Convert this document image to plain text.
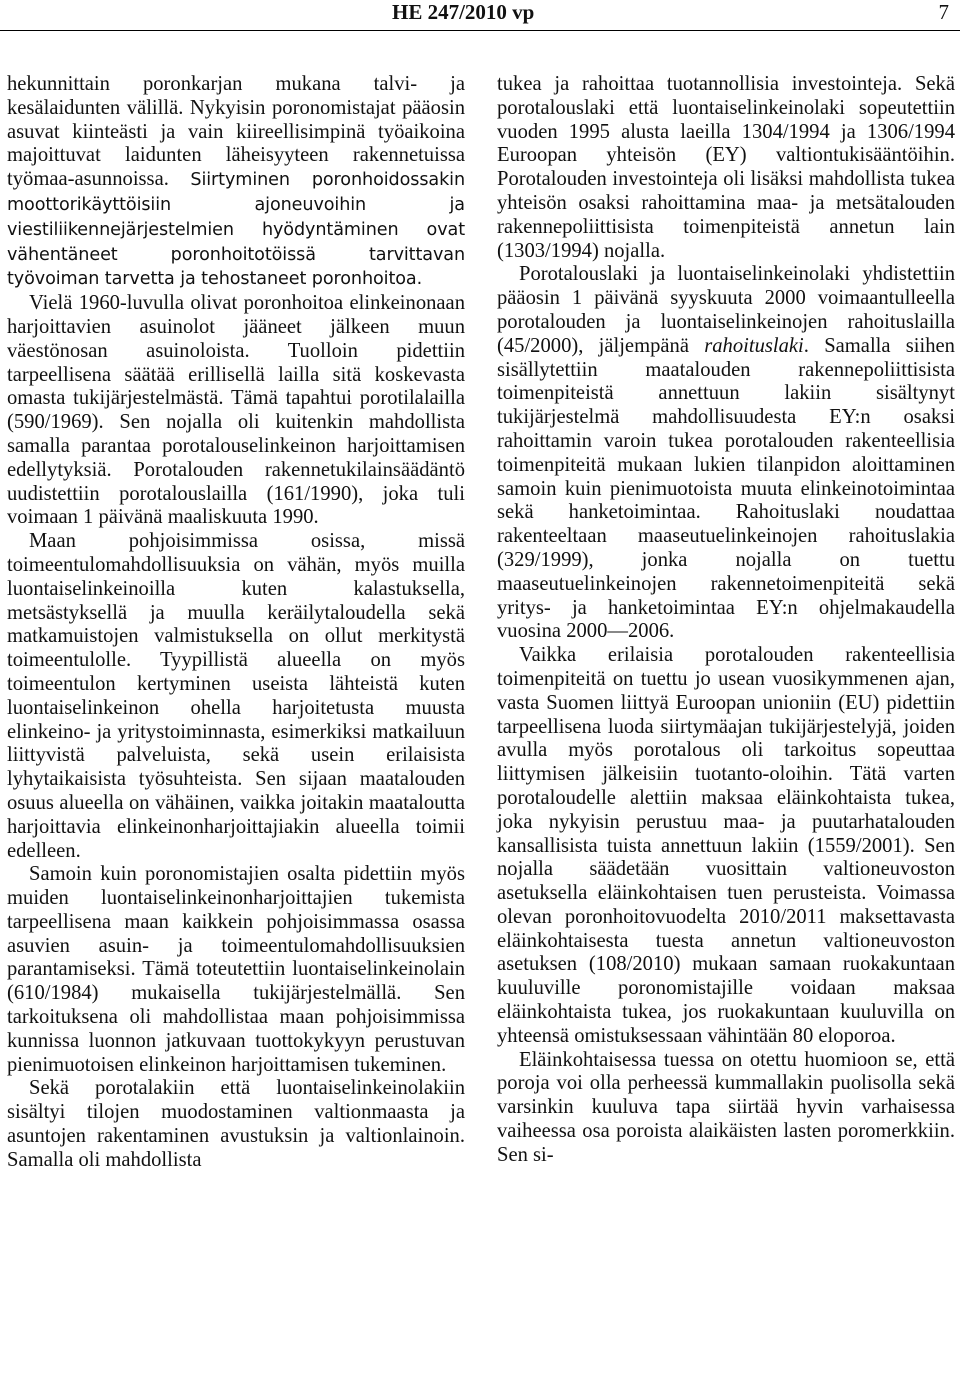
HE 247/2010 vp	7

hekunnittain poronkarjan mukana talvi- ja kesälaidunten välillä. Nykyisin poronomistajat pääosin asuvat kiinteästi ja vain kiireellisimpinä työaikoina majoittuvat laidunten läheisyyteen rakennetuissa työmaa-asunnoissa. Siirtyminen poronhoidossakin moottorikäyttöisiin ajoneuvoihin ja viestiliikennejärjestelmien hyödyntäminen ovat vähentäneet poronhoitotöissä tarvittavan työvoiman tarvetta ja tehostaneet poronhoitoa.

Vielä 1960-luvulla olivat poronhoitoa elinkeinonaan harjoittavien asuinolot jääneet jälkeen muun väestönosan asuinoloista. Tuolloin pidettiin tarpeellisena säätää erillisellä lailla sitä koskevasta omasta tukijärjestelmästä. Tämä tapahtui porotilalailla (590/1969). Sen nojalla oli kuitenkin mahdollista samalla parantaa porotalouselinkeinon harjoittamisen edellytyksiä. Porotalouden rakennetukilainsäädäntö uudistettiin porotalouslailla (161/1990), joka tuli voimaan 1 päivänä maaliskuuta 1990.

Maan pohjoisimmissa osissa, missä toimeentulomahdollisuuksia on vähän, myös muilla luontaiselinkeinoilla kuten kalastuksella, metsästyksellä ja muulla keräilytaloudella sekä matkamuistojen valmistuksella on ollut merkitystä toimeentulolle. Tyypillistä alueella on myös toimeentulon kertyminen useista lähteistä kuten luontaiselinkeinon ohella harjoitetusta muusta elinkeino- ja yritystoiminnasta, esimerkiksi matkailuun liittyvistä palveluista, sekä usein erilaisista lyhytaikaisista työsuhteista. Sen sijaan maatalouden osuus alueella on vähäinen, vaikka joitakin maataloutta harjoittavia elinkeinonharjoittajiakin alueella toimii edelleen.

Samoin kuin poronomistajien osalta pidettiin myös muiden luontaiselinkeinonharjoittajien tukemista tarpeellisena maan kaikkein pohjoisimmassa osassa asuvien asuin- ja toimeentulomahdollisuuksien parantamiseksi. Tämä toteutettiin luontaiselinkeinolain (610/1984) mukaisella tukijärjestelmällä. Sen tarkoituksena oli mahdollistaa maan pohjoisimmissa kunnissa luonnon jatkuvaan tuottokykyyn perustuvan pienimuotoisen elinkeinon harjoittamisen tukeminen.

Sekä porotalakiin että luontaiselinkeinolakiin sisältyi tilojen muodostaminen valtionmaasta ja asuntojen rakentaminen avustuksin ja valtionlainoin. Samalla oli mahdollista

tukea ja rahoittaa tuotannollisia investointeja. Sekä porotalouslaki että luontaiselinkeinolaki sopeutettiin vuoden 1995 alusta laeilla 1304/1994 ja 1306/1994 Euroopan yhteisön (EY) valtiontukisääntöihin. Porotalouden investointeja oli lisäksi mahdollista tukea yhteisön osaksi rahoittamina maa- ja metsätalouden rakennepoliittisista toimenpiteistä annetun lain (1303/1994) nojalla.

Porotalouslaki ja luontaiselinkeinolaki yhdistettiin pääosin 1 päivänä syyskuuta 2000 voimaantulleella porotalouden ja luontaiselinkeinojen rahoituslailla (45/2000), jäljempänä rahoituslaki. Samalla siihen sisällytettiin maatalouden rakennepoliittisista toimenpiteistä annettuun lakiin sisältynyt tukijärjestelmä mahdollisuudesta EY:n osaksi rahoittamin varoin tukea porotalouden rakenteellisia toimenpiteitä mukaan lukien tilanpidon aloittaminen samoin kuin pienimuotoista muuta elinkeinotoimintaa sekä hanketoimintaa. Rahoituslaki noudattaa rakenteeltaan maaseutuelinkeinojen rahoituslakia (329/1999), jonka nojalla on tuettu maaseutuelinkeinojen rakennetoimenpiteitä sekä yritys- ja hanketoimintaa EY:n ohjelmakaudella vuosina 2000—2006.

Vaikka erilaisia porotalouden rakenteellisia toimenpiteitä on tuettu jo usean vuosikymmenen ajan, vasta Suomen liittyä Euroopan unioniin (EU) pidettiin tarpeellisena luoda siirtymäajan tukijärjestelyjä, joiden avulla myös porotalous oli tarkoitus sopeuttaa liittymisen jälkeisiin tuotanto-oloihin. Tätä varten porotaloudelle alettiin maksaa eläinkohtaista tukea, joka nykyisin perustuu maa- ja puutarhatalouden kansallisista tuista annettuun lakiin (1559/2001). Sen nojalla säädetään vuosittain valtioneuvoston asetuksella eläinkohtaisen tuen perusteista. Voimassa olevan poronhoitovuodelta 2010/2011 maksettavasta eläinkohtaisesta tuesta annetun valtioneuvoston asetuksen (108/2010) mukaan samaan ruokakuntaan kuuluville poronomistajille voidaan maksaa eläinkohtaista tukea, jos ruokakuntaan kuuluvilla on yhteensä omistuksessaan vähintään 80 eloporoa.

Eläinkohtaisessa tuessa on otettu huomioon se, että poroja voi olla perheessä kummallakin puolisolla sekä varsinkin kuuluva tapa siirtää hyvin varhaisessa vaiheessa osa poroista alaikäisten lasten poromerkkiin. Sen si-
